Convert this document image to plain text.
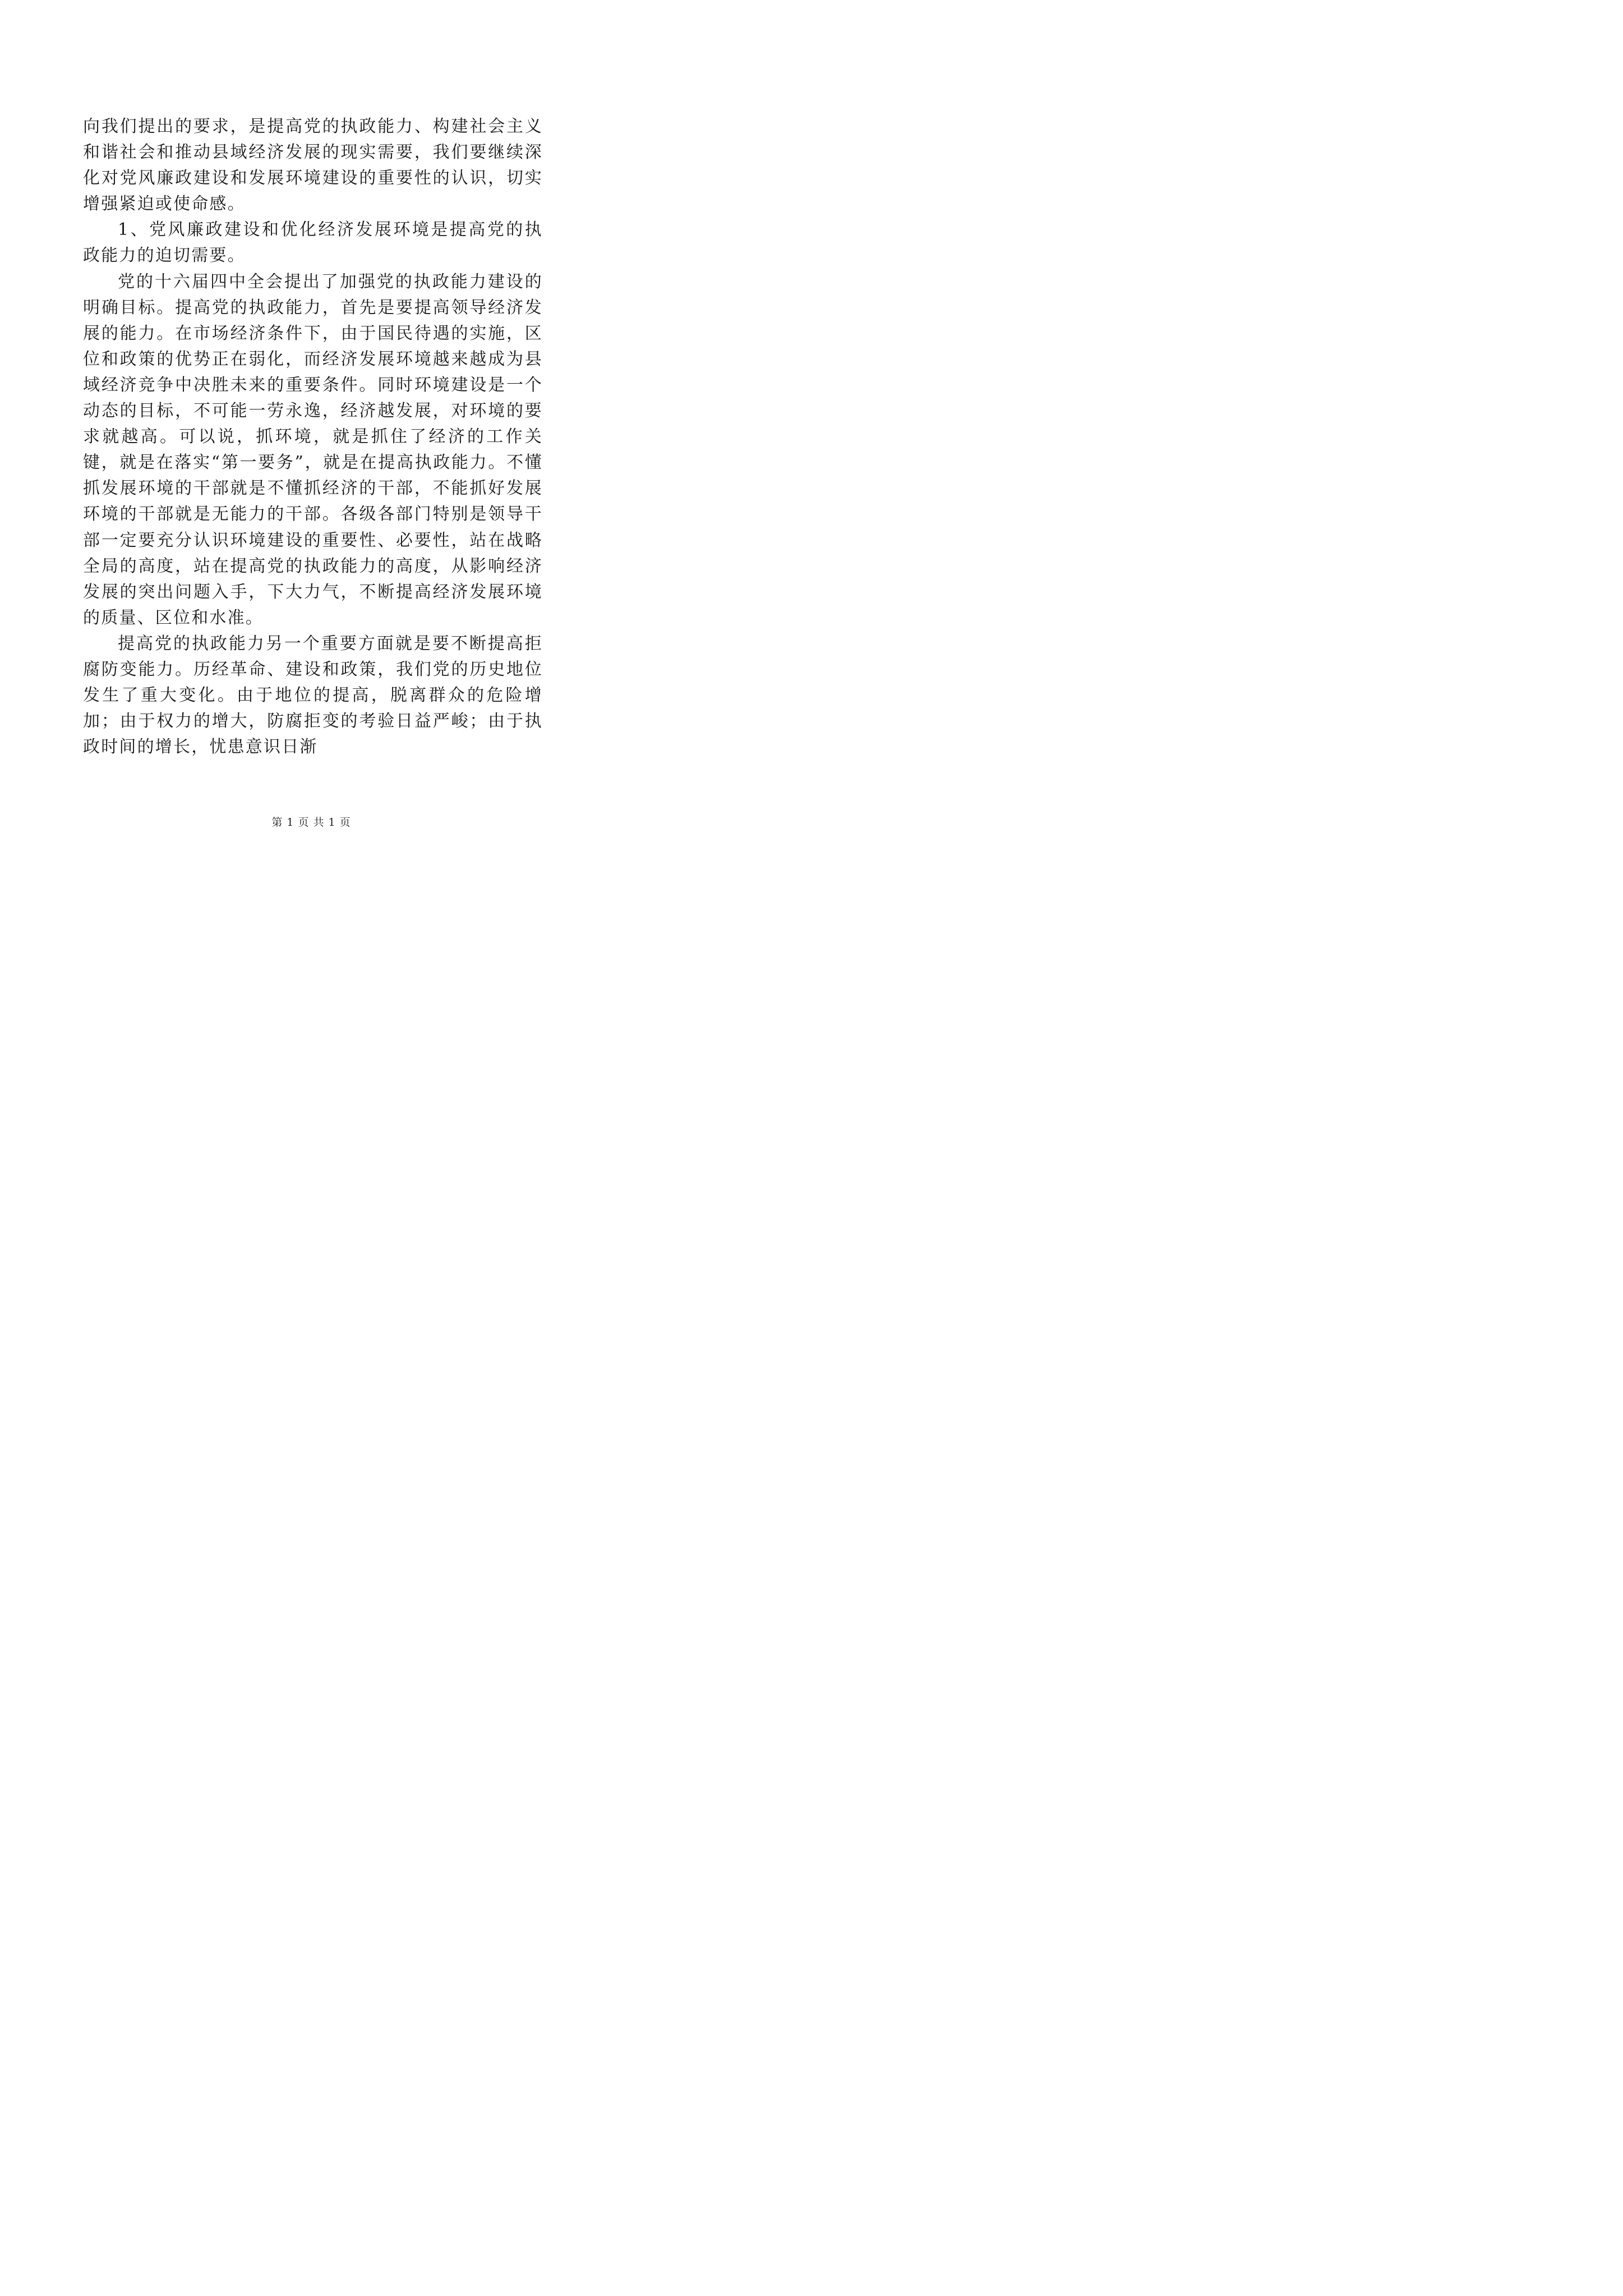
向我们提出的要求，是提高党的执政能力、构建社会主义和谐社会和推动县域经济发展的现实需要，我们要继续深化对党风廉政建设和发展环境建设的重要性的认识，切实增强紧迫或使命感。

1、党风廉政建设和优化经济发展环境是提高党的执政能力的迫切需要。

党的十六届四中全会提出了加强党的执政能力建设的明确目标。提高党的执政能力，首先是要提高领导经济发展的能力。在市场经济条件下，由于国民待遇的实施，区位和政策的优势正在弱化，而经济发展环境越来越成为县域经济竞争中决胜未来的重要条件。同时环境建设是一个动态的目标，不可能一劳永逸，经济越发展，对环境的要求就越高。可以说，抓环境，就是抓住了经济的工作关键，就是在落实“第一要务”，就是在提高执政能力。不懂抓发展环境的干部就是不懂抓经济的干部，不能抓好发展环境的干部就是无能力的干部。各级各部门特别是领导干部一定要充分认识环境建设的重要性、必要性，站在战略全局的高度，站在提高党的执政能力的高度，从影响经济发展的突出问题入手，下大力气，不断提高经济发展环境的质量、区位和水准。

提高党的执政能力另一个重要方面就是要不断提高拒腐防变能力。历经革命、建设和政策，我们党的历史地位发生了重大变化。由于地位的提高，脱离群众的危险增加；由于权力的增大，防腐拒变的考验日益严峻；由于执政时间的增长，忧患意识日渐

第 1 页 共 1 页
